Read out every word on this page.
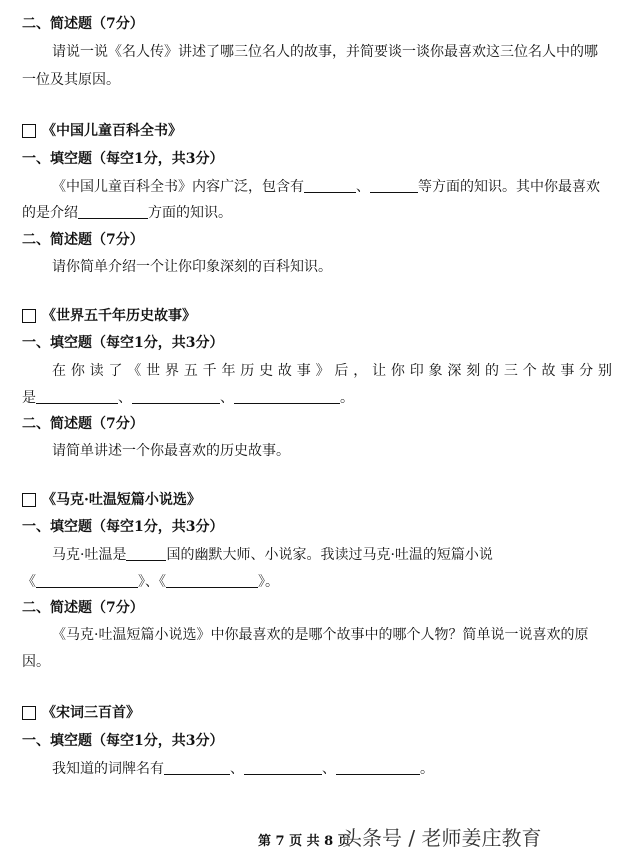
二、简述题（7分）
请说一说《名人传》讲述了哪三位名人的故事，并简要谈一谈你最喜欢这三位名人中的哪
一位及其原因。
《中国儿童百科全书》
一、填空题（每空1分，共3分）
《中国儿童百科全书》内容广泛，包含有	、	等方面的知识。其中你最喜欢
的是介绍	方面的知识。
二、简述题（7分）
请你简单介绍一个让你印象深刻的百科知识。
《世界五千年历史故事》
一、填空题（每空1分，共3分）
在你读了《世界五千年历史故事》后，让你印象深刻的三个故事分别
是	、	、	。
二、简述题（7分）
请简单讲述一个你最喜欢的历史故事。
《马克·吐温短篇小说选》
一、填空题（每空1分，共3分）
马克·吐温是	国的幽默大师、小说家。我读过马克·吐温的短篇小说
《	》、《	》。
二、简述题（7分）
《马克·吐温短篇小说选》中你最喜欢的是哪个故事中的哪个人物？简单说一说喜欢的原
因。
《宋词三百首》
一、填空题（每空1分，共3分）
我知道的词牌名有	、	、	。
第 7 页 共 8 页
头条号 / 老师姜庄教育
